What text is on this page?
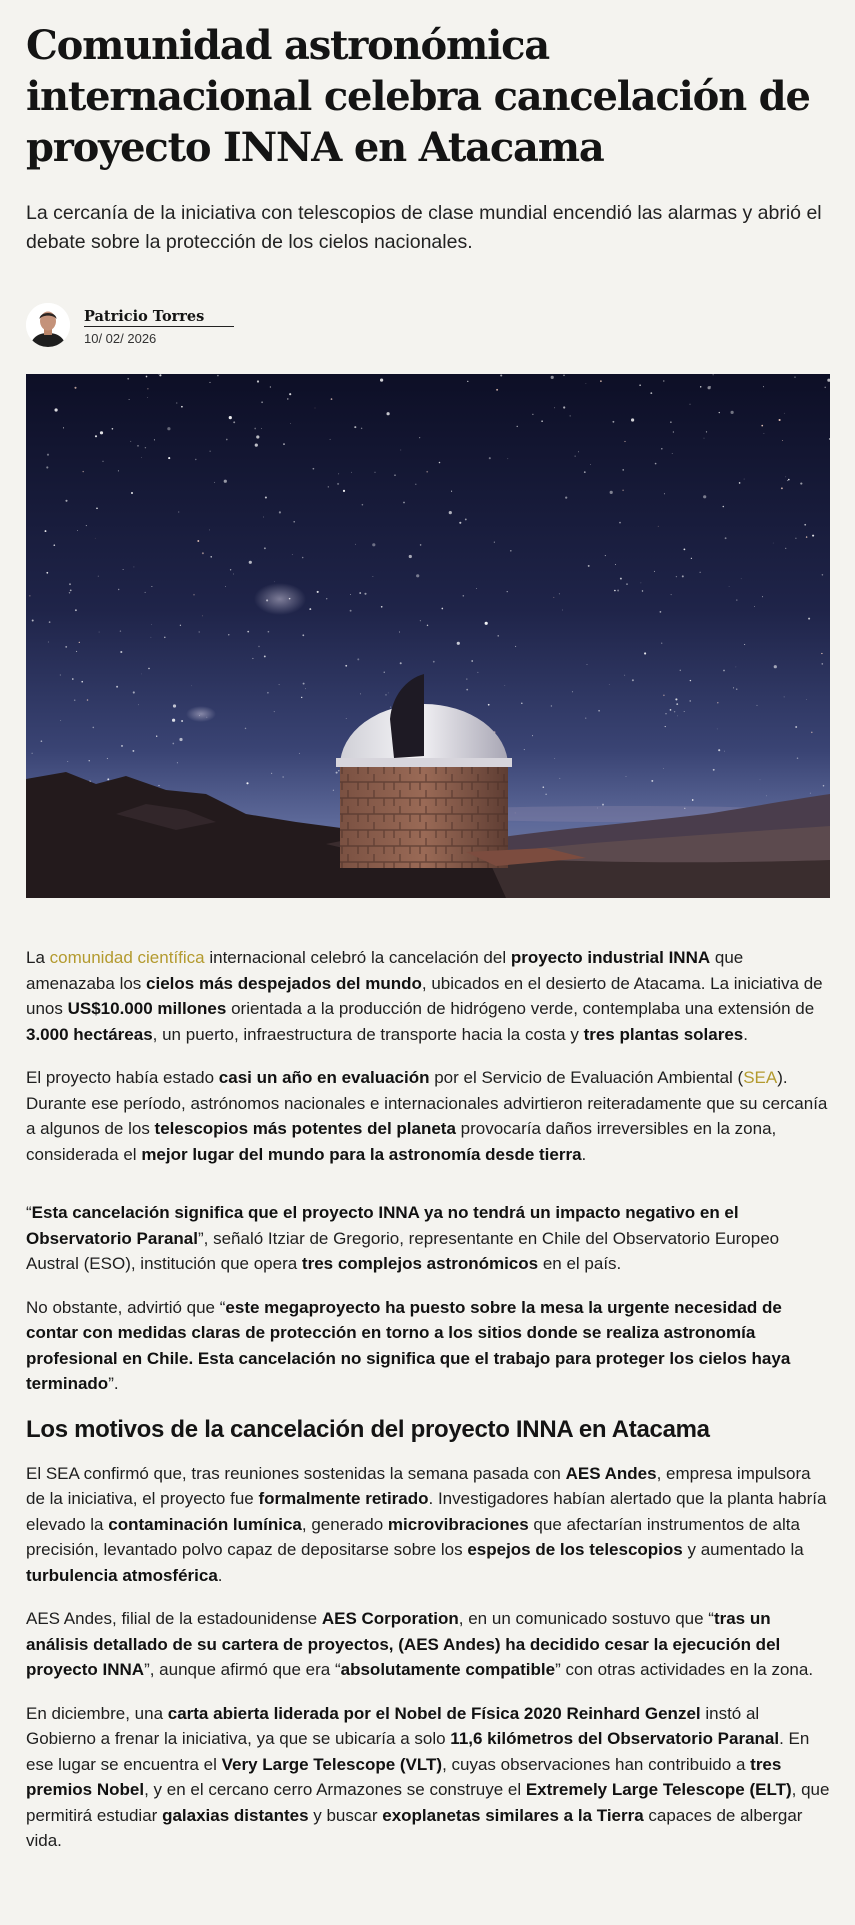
Comunidad astronómica internacional celebra cancelación de proyecto INNA en Atacama

La cercanía de la iniciativa con telescopios de clase mundial encendió las alarmas y abrió el debate sobre la protección de los cielos nacionales.

Patricio Torres
10/ 02/ 2026

La comunidad científica internacional celebró la cancelación del proyecto industrial INNA que amenazaba los cielos más despejados del mundo, ubicados en el desierto de Atacama. La iniciativa de unos US$10.000 millones orientada a la producción de hidrógeno verde, contemplaba una extensión de 3.000 hectáreas, un puerto, infraestructura de transporte hacia la costa y tres plantas solares.

El proyecto había estado casi un año en evaluación por el Servicio de Evaluación Ambiental (SEA). Durante ese período, astrónomos nacionales e internacionales advirtieron reiteradamente que su cercanía a algunos de los telescopios más potentes del planeta provocaría daños irreversibles en la zona, considerada el mejor lugar del mundo para la astronomía desde tierra.

“Esta cancelación significa que el proyecto INNA ya no tendrá un impacto negativo en el Observatorio Paranal”, señaló Itziar de Gregorio, representante en Chile del Observatorio Europeo Austral (ESO), institución que opera tres complejos astronómicos en el país.

No obstante, advirtió que “este megaproyecto ha puesto sobre la mesa la urgente necesidad de contar con medidas claras de protección en torno a los sitios donde se realiza astronomía profesional en Chile. Esta cancelación no significa que el trabajo para proteger los cielos haya terminado”.

Los motivos de la cancelación del proyecto INNA en Atacama

El SEA confirmó que, tras reuniones sostenidas la semana pasada con AES Andes, empresa impulsora de la iniciativa, el proyecto fue formalmente retirado. Investigadores habían alertado que la planta habría elevado la contaminación lumínica, generado microvibraciones que afectarían instrumentos de alta precisión, levantado polvo capaz de depositarse sobre los espejos de los telescopios y aumentado la turbulencia atmosférica.

AES Andes, filial de la estadounidense AES Corporation, en un comunicado sostuvo que “tras un análisis detallado de su cartera de proyectos, (AES Andes) ha decidido cesar la ejecución del proyecto INNA”, aunque afirmó que era “absolutamente compatible” con otras actividades en la zona.

En diciembre, una carta abierta liderada por el Nobel de Física 2020 Reinhard Genzel instó al Gobierno a frenar la iniciativa, ya que se ubicaría a solo 11,6 kilómetros del Observatorio Paranal. En ese lugar se encuentra el Very Large Telescope (VLT), cuyas observaciones han contribuido a tres premios Nobel, y en el cercano cerro Armazones se construye el Extremely Large Telescope (ELT), que permitirá estudiar galaxias distantes y buscar exoplanetas similares a la Tierra capaces de albergar vida.
